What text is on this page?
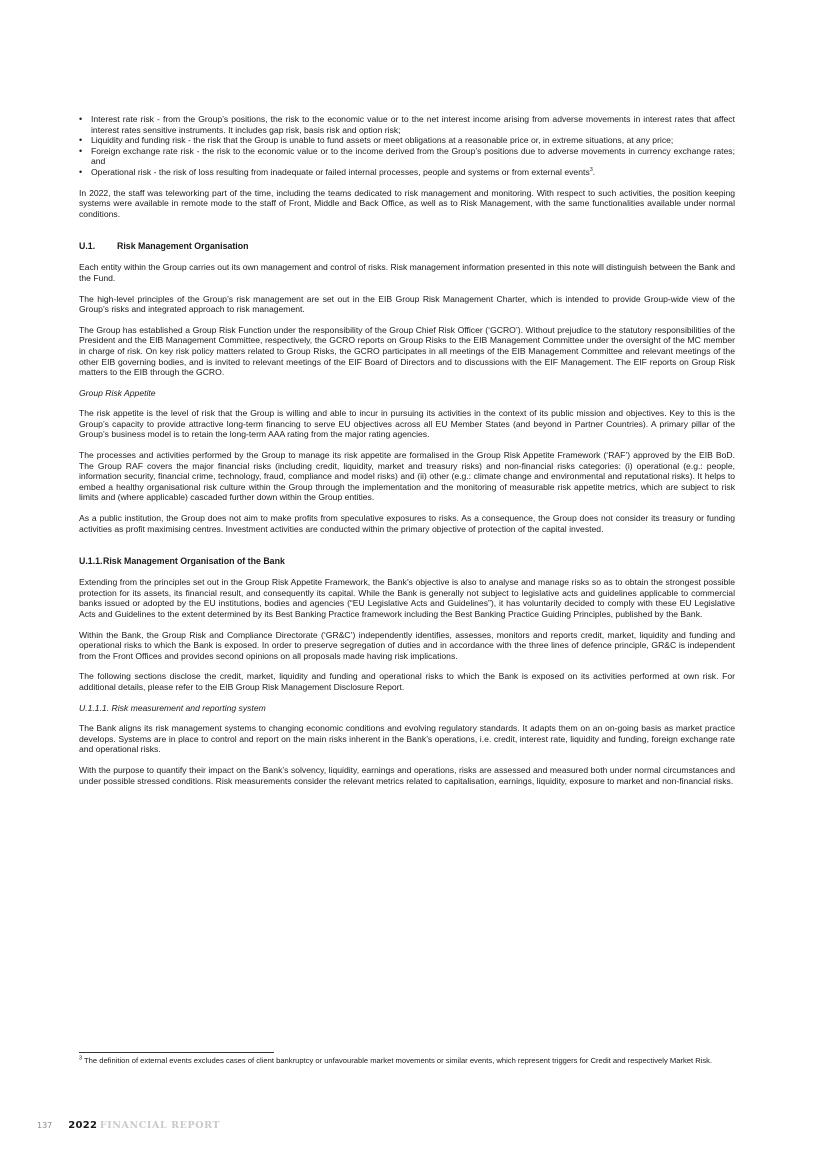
• Interest rate risk - from the Group’s positions, the risk to the economic value or to the net interest income arising from adverse movements in interest rates that affect interest rates sensitive instruments. It includes gap risk, basis risk and option risk;
• Liquidity and funding risk - the risk that the Group is unable to fund assets or meet obligations at a reasonable price or, in extreme situations, at any price;
• Foreign exchange rate risk - the risk to the economic value or to the income derived from the Group’s positions due to adverse movements in currency exchange rates; and
• Operational risk - the risk of loss resulting from inadequate or failed internal processes, people and systems or from external events$^3$.

In 2022, the staff was teleworking part of the time, including the teams dedicated to risk management and monitoring. With respect to such activities, the position keeping systems were available in remote mode to the staff of Front, Middle and Back Office, as well as to Risk Management, with the same functionalities available under normal conditions.

U.1. Risk Management Organisation

Each entity within the Group carries out its own management and control of risks. Risk management information presented in this note will distinguish between the Bank and the Fund.

The high-level principles of the Group’s risk management are set out in the EIB Group Risk Management Charter, which is intended to provide Group-wide view of the Group’s risks and integrated approach to risk management.

The Group has established a Group Risk Function under the responsibility of the Group Chief Risk Officer (‘GCRO’). Without prejudice to the statutory responsibilities of the President and the EIB Management Committee, respectively, the GCRO reports on Group Risks to the EIB Management Committee under the oversight of the MC member in charge of risk. On key risk policy matters related to Group Risks, the GCRO participates in all meetings of the EIB Management Committee and relevant meetings of the other EIB governing bodies, and is invited to relevant meetings of the EIF Board of Directors and to discussions with the EIF Management. The EIF reports on Group Risk matters to the EIB through the GCRO.

Group Risk Appetite

The risk appetite is the level of risk that the Group is willing and able to incur in pursuing its activities in the context of its public mission and objectives. Key to this is the Group’s capacity to provide attractive long-term financing to serve EU objectives across all EU Member States (and beyond in Partner Countries). A primary pillar of the Group’s business model is to retain the long-term AAA rating from the major rating agencies.

The processes and activities performed by the Group to manage its risk appetite are formalised in the Group Risk Appetite Framework (‘RAF’) approved by the EIB BoD. The Group RAF covers the major financial risks (including credit, liquidity, market and treasury risks) and non-financial risks categories: (i) operational (e.g.: people, information security, financial crime, technology, fraud, compliance and model risks) and (ii) other (e.g.: climate change and environmental and reputational risks). It helps to embed a healthy organisational risk culture within the Group through the implementation and the monitoring of measurable risk appetite metrics, which are subject to risk limits and (where applicable) cascaded further down within the Group entities.

As a public institution, the Group does not aim to make profits from speculative exposures to risks. As a consequence, the Group does not consider its treasury or funding activities as profit maximising centres. Investment activities are conducted within the primary objective of protection of the capital invested.

U.1.1.Risk Management Organisation of the Bank

Extending from the principles set out in the Group Risk Appetite Framework, the Bank’s objective is also to analyse and manage risks so as to obtain the strongest possible protection for its assets, its financial result, and consequently its capital. While the Bank is generally not subject to legislative acts and guidelines applicable to commercial banks issued or adopted by the EU institutions, bodies and agencies (“EU Legislative Acts and Guidelines”), it has voluntarily decided to comply with these EU Legislative Acts and Guidelines to the extent determined by its Best Banking Practice framework including the Best Banking Practice Guiding Principles, published by the Bank.

Within the Bank, the Group Risk and Compliance Directorate (‘GR&C’) independently identifies, assesses, monitors and reports credit, market, liquidity and funding and operational risks to which the Bank is exposed. In order to preserve segregation of duties and in accordance with the three lines of defence principle, GR&C is independent from the Front Offices and provides second opinions on all proposals made having risk implications.

The following sections disclose the credit, market, liquidity and funding and operational risks to which the Bank is exposed on its activities performed at own risk. For additional details, please refer to the EIB Group Risk Management Disclosure Report.

U.1.1.1. Risk measurement and reporting system

The Bank aligns its risk management systems to changing economic conditions and evolving regulatory standards. It adapts them on an on-going basis as market practice develops. Systems are in place to control and report on the main risks inherent in the Bank’s operations, i.e. credit, interest rate, liquidity and funding, foreign exchange rate and operational risks.

With the purpose to quantify their impact on the Bank’s solvency, liquidity, earnings and operations, risks are assessed and measured both under normal circumstances and under possible stressed conditions. Risk measurements consider the relevant metrics related to capitalisation, earnings, liquidity, exposure to market and non-financial risks.

$^3$ The definition of external events excludes cases of client bankruptcy or unfavourable market movements or similar events, which represent triggers for Credit and respectively Market Risk.
137 2022 FINANCIAL REPORT
